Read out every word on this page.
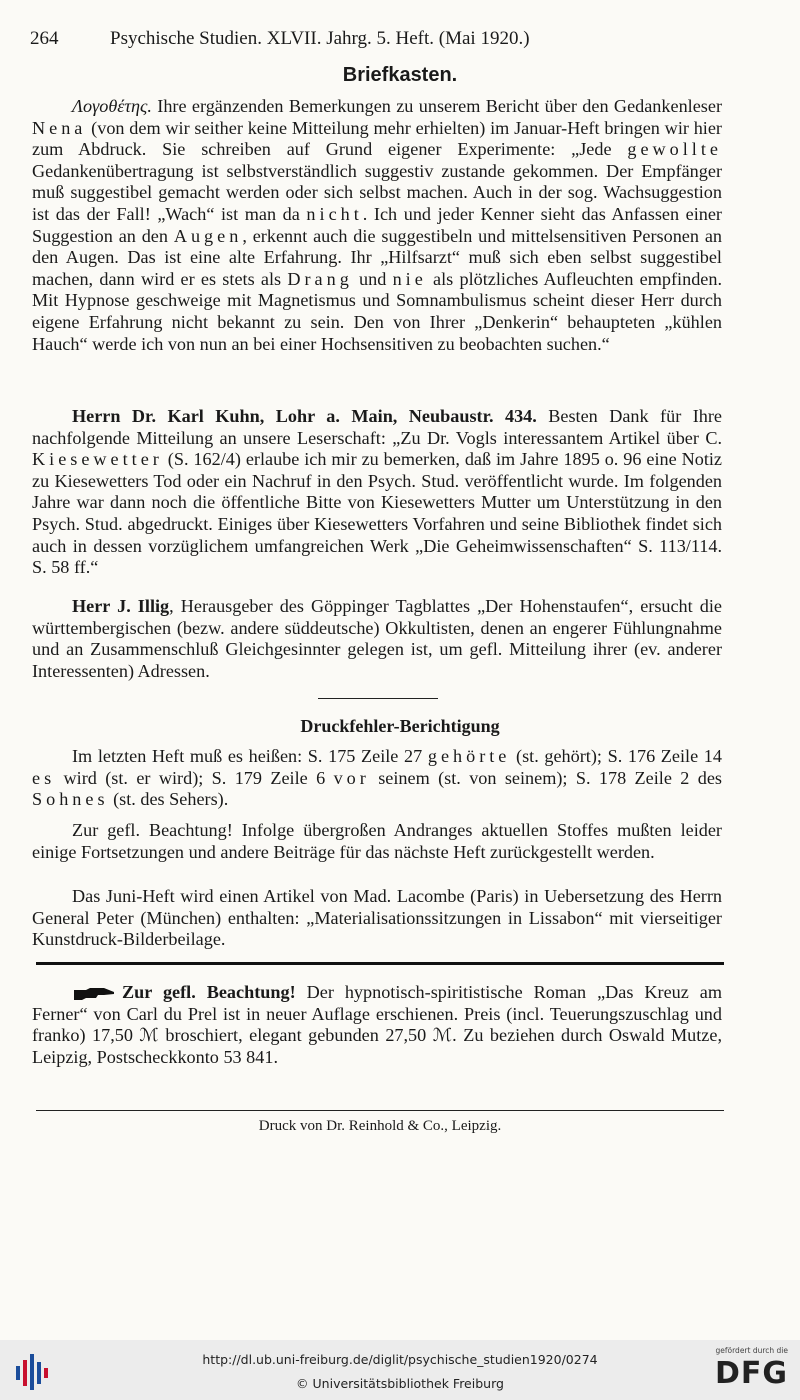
264	Psychische Studien. XLVII. Jahrg. 5. Heft. (Mai 1920.)
Briefkasten.

Λογοθέτης. Ihre ergänzenden Bemerkungen zu unserem Bericht über den Gedankenleser Nena (von dem wir seither keine Mitteilung mehr erhielten) im Januar-Heft bringen wir hier zum Abdruck. Sie schreiben auf Grund eigener Experimente: „Jede gewollte Gedankenübertragung ist selbstverständlich suggestiv zustande gekommen. Der Empfänger muß suggestibel gemacht werden oder sich selbst machen. Auch in der sog. Wachsuggestion ist das der Fall! „Wach“ ist man da nicht. Ich und jeder Kenner sieht das Anfassen einer Suggestion an den Augen, erkennt auch die suggestibeln und mittelsensitiven Personen an den Augen. Das ist eine alte Erfahrung. Ihr „Hilfsarzt“ muß sich eben selbst suggestibel machen, dann wird er es stets als Drang und nie als plötzliches Aufleuchten empfinden. Mit Hypnose geschweige mit Magnetismus und Somnambulismus scheint dieser Herr durch eigene Erfahrung nicht bekannt zu sein. Den von Ihrer „Denkerin“ behaupteten „kühlen Hauch“ werde ich von nun an bei einer Hochsensitiven zu beobachten suchen.“

Herrn Dr. Karl Kuhn, Lohr a. Main, Neubaustr. 434. Besten Dank für Ihre nachfolgende Mitteilung an unsere Leserschaft: „Zu Dr. Vogls interessantem Artikel über C. Kiesewetter (S. 162/4) erlaube ich mir zu bemerken, daß im Jahre 1895 o. 96 eine Notiz zu Kiesewetters Tod oder ein Nachruf in den Psych. Stud. veröffentlicht wurde. Im folgenden Jahre war dann noch die öffentliche Bitte von Kiesewetters Mutter um Unterstützung in den Psych. Stud. abgedruckt. Einiges über Kiesewetters Vorfahren und seine Bibliothek findet sich auch in dessen vorzüglichem umfangreichen Werk „Die Geheimwissenschaften“ S. 113/114. S. 58 ff.“

Herr J. Illig, Herausgeber des Göppinger Tagblattes „Der Hohenstaufen“, ersucht die württembergischen (bezw. andere süddeutsche) Okkultisten, denen an engerer Fühlungnahme und an Zusammenschluß Gleichgesinnter gelegen ist, um gefl. Mitteilung ihrer (ev. anderer Interessenten) Adressen.

Druckfehler-Berichtigung

Im letzten Heft muß es heißen: S. 175 Zeile 27 gehörte (st. gehört); S. 176 Zeile 14 es wird (st. er wird); S. 179 Zeile 6 vor seinem (st. von seinem); S. 178 Zeile 2 des Sohnes (st. des Sehers).

Zur gefl. Beachtung! Infolge übergroßen Andranges aktuellen Stoffes mußten leider einige Fortsetzungen und andere Beiträge für das nächste Heft zurückgestellt werden.

Das Juni-Heft wird einen Artikel von Mad. Lacombe (Paris) in Uebersetzung des Herrn General Peter (München) enthalten: „Materialisationssitzungen in Lissabon“ mit vierseitiger Kunstdruck-Bilderbeilage.

Zur gefl. Beachtung! Der hypnotisch-spiritistische Roman „Das Kreuz am Ferner“ von Carl du Prel ist in neuer Auflage erschienen. Preis (incl. Teuerungszuschlag und franko) 17,50 ℳ broschiert, elegant gebunden 27,50 ℳ. Zu beziehen durch Oswald Mutze, Leipzig, Postscheckkonto 53 841.

Druck von Dr. Reinhold & Co., Leipzig.
http://dl.ub.uni-freiburg.de/diglit/psychische_studien1920/0274
© Universitätsbibliothek Freiburg
gefördert durch die
DFG
